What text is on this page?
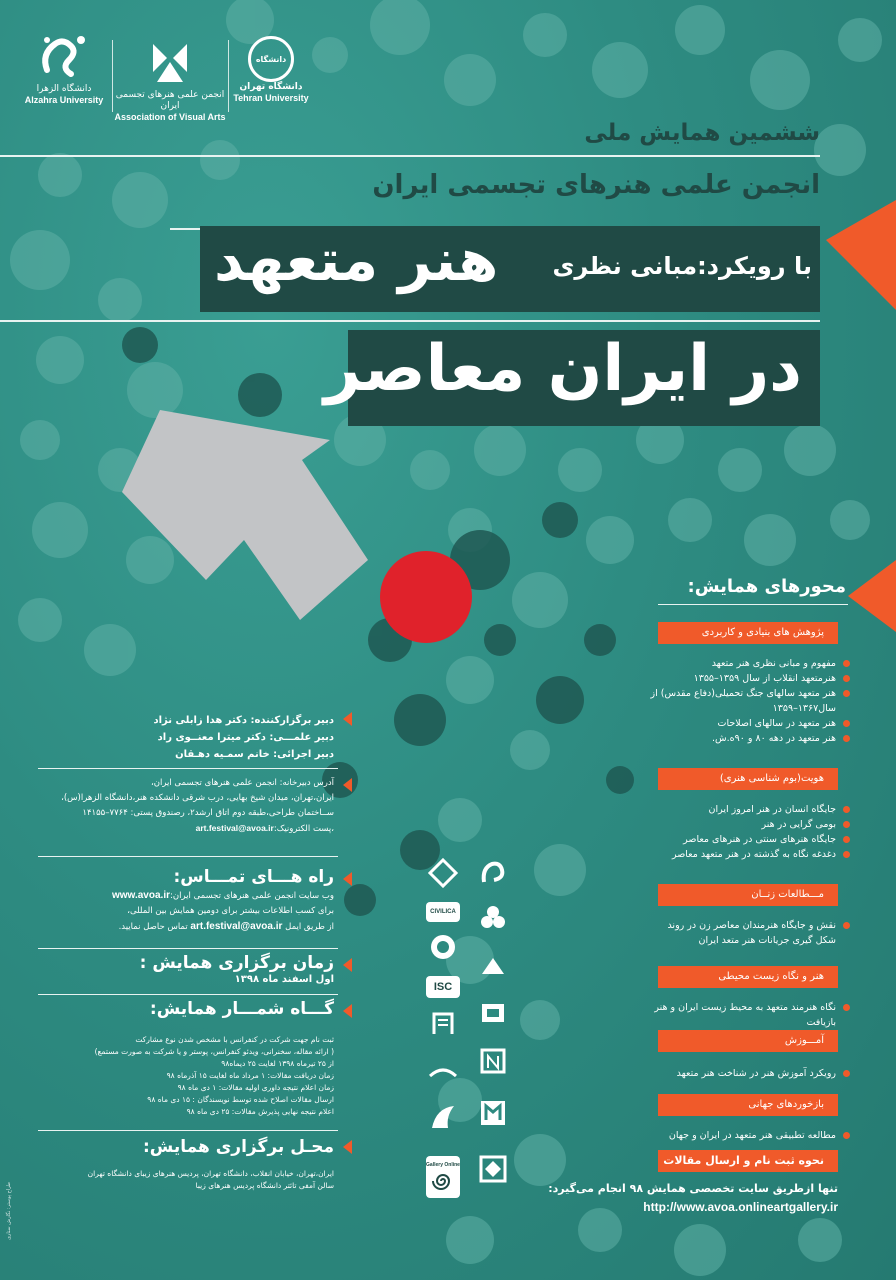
دانشگاه الزهرا
Alzahra University	انجمن علمی هنرهای تجسمی ایران
Association of Visual Arts
دانشگاه
دانشگاه تهران
Tehran University
ششمین همایش ملی
انجمن علمی هنرهای تجسمی ایران
با رویکرد:مبانی نظری
هنر متعهد
در ایران معاصر
محورهای همایش:
پژوهش های بنیادی و کاربردی
مفهوم و مبانی نظری هنر متعهد
هنرمتعهد انقلاب از سال ۱۳۵۹–۱۳۵۵
هنر متعهد سالهای جنگ تحمیلی(دفاع مقدس) از سال۱۳۶۷–۱۳۵۹
هنر متعهد در سالهای اصلاحات
هنر متعهد در دهه ۸۰ و ۹۰ه.ش.
هویت(بوم شناسی هنری)
جایگاه انسان در هنر امروز ایران
بومی گرایی در هنر
جایگاه هنرهای سنتی در هنرهای معاصر
دغدغه نگاه به گذشته در هنر متعهد معاصر
مـــطالعات زنــان
نقش و جایگاه هنرمندان معاصر زن در روند شکل گیری جریانات هنر متعد ایران
هنر و نگاه زیست محیطی
نگاه هنرمند متعهد به محیط زیست ایران و هنر بازیافت
آمـــوزش
رویکرد آموزش هنر در شناخت هنر متعهد
بازخوردهای جهانی
مطالعه تطبیقی هنر متعهد در ایران و جهان
نحوه ثبت نام و ارسال مقالات
تنها ازطریق سایت تخصصی همایش ۹۸ انجام می‌گیرد:
http://www.avoa.onlineartgallery.ir
دبیر برگزارکننده: دکتر هدا زابلی نژاد
دبیر علمـــی: دکتر میترا معنــوی راد
دبیر اجرائی: خانم سمـیه دهـقان
آدرس دبیرخانه: انجمن علمی هنرهای تجسمی ایران،
ایران،تهران، میدان شیخ بهایی، درب شرقی دانشکده هنر،دانشگاه الزهرا(س)،
ســاختمان طراحی،طبقه دوم اتاق ارشد۲، رصندوق پستی: ۷۷۶۴–۱۴۱۵۵
،پست الکترونیک:art.festival@avoa.ir
راه هـــای تمـــاس:
وب سایت انجمن علمی هنرهای تجسمی ایران:www.avoa.ir
برای کسب اطلاعات بیشتر برای دومین همایش بین المللی،
از طریق ایمل art.festival@avoa.ir تماس حاصل نمایید.
زمان برگزاری همایش :
اول اسفند ماه ۱۳۹۸
گـــاه شمـــار همایش:
ثبت نام جهت شرکت در کنفرانس با مشخص شدن نوع مشارکت
( ارائه مقاله، سخنرانی، ویدئو کنفرانس، پوستر و یا شرکت به صورت مستمع)
از ۲۵ تیرماه ۱۳۹۸ لغایت ۲۵ دیماه۹۸
زمان دریافت مقالات: ۱ مرداد ماه لغایت ۱۵ آذرماه ۹۸
زمان اعلام نتیجه داوری اولیه مقالات: ۱ دی ماه ۹۸
ارسال مقالات اصلاح شده توسط نویسندگان : ۱۵ دی ماه ۹۸
اعلام نتیجه نهایی پذیرش مقالات: ۲۵ دی ماه ۹۸
محـل برگزاری همایش:
ایران،تهران، خیابان انقلاب، دانشگاه تهران، پردیس هنرهای زیبای دانشگاه تهران
سالن آمفی تائتر دانشگاه پردیس هنرهای زیبا
طراح پوستر: نگارش ستاری
CIVILICA
ISC
Gallery Online
